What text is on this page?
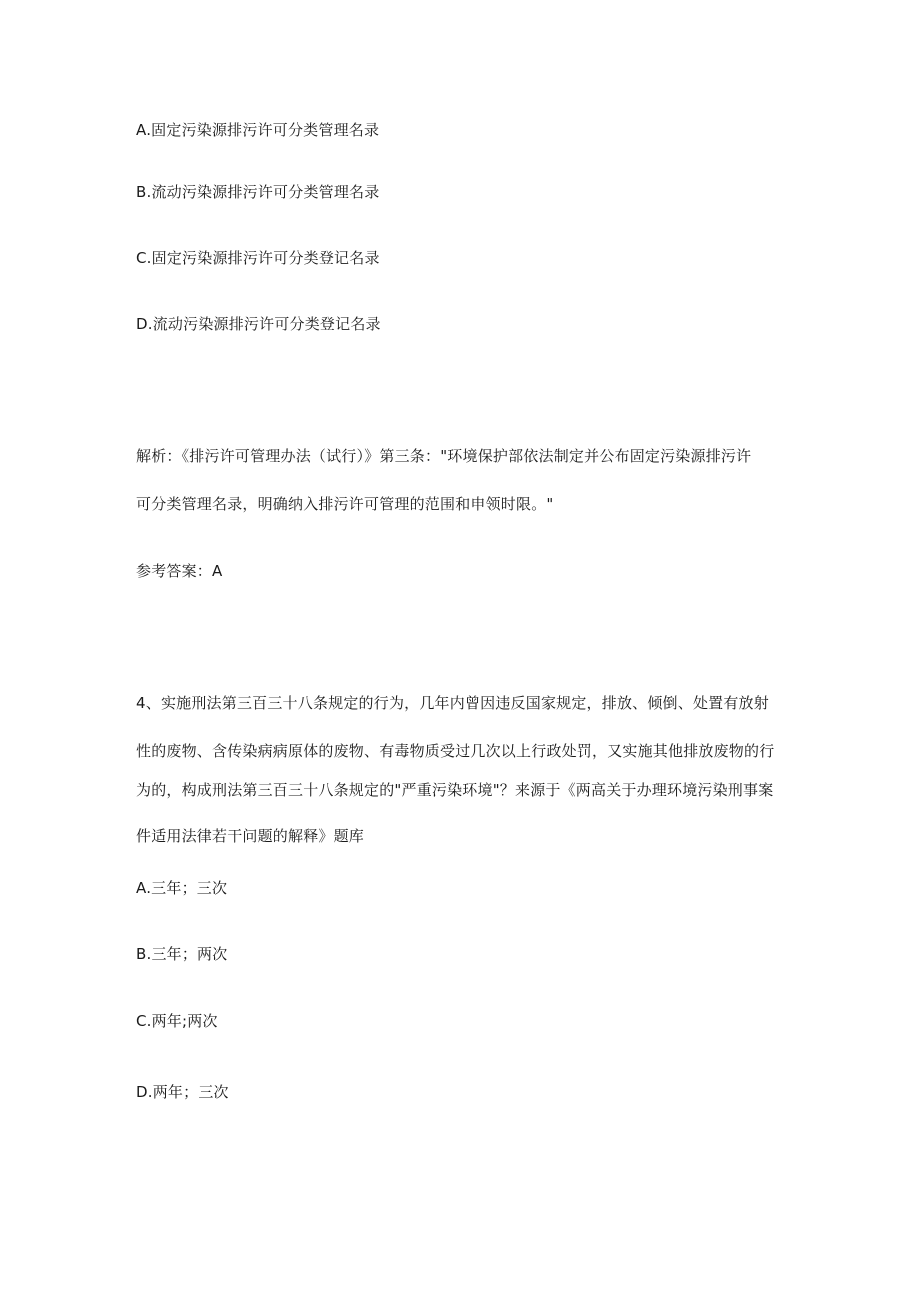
A.固定污染源排污许可分类管理名录
B.流动污染源排污许可分类管理名录
C.固定污染源排污许可分类登记名录
D.流动污染源排污许可分类登记名录
解析：《排污许可管理办法（试行）》第三条："环境保护部依法制定并公布固定污染源排污许
可分类管理名录，明确纳入排污许可管理的范围和申领时限。"
参考答案：A
4、实施刑法第三百三十八条规定的行为，几年内曾因违反国家规定，排放、倾倒、处置有放射
性的废物、含传染病病原体的废物、有毒物质受过几次以上行政处罚，又实施其他排放废物的行
为的，构成刑法第三百三十八条规定的"严重污染环境"？来源于《两高关于办理环境污染刑事案
件适用法律若干问题的解释》题库
A.三年；三次
B.三年；两次
C.两年;两次
D.两年；三次
